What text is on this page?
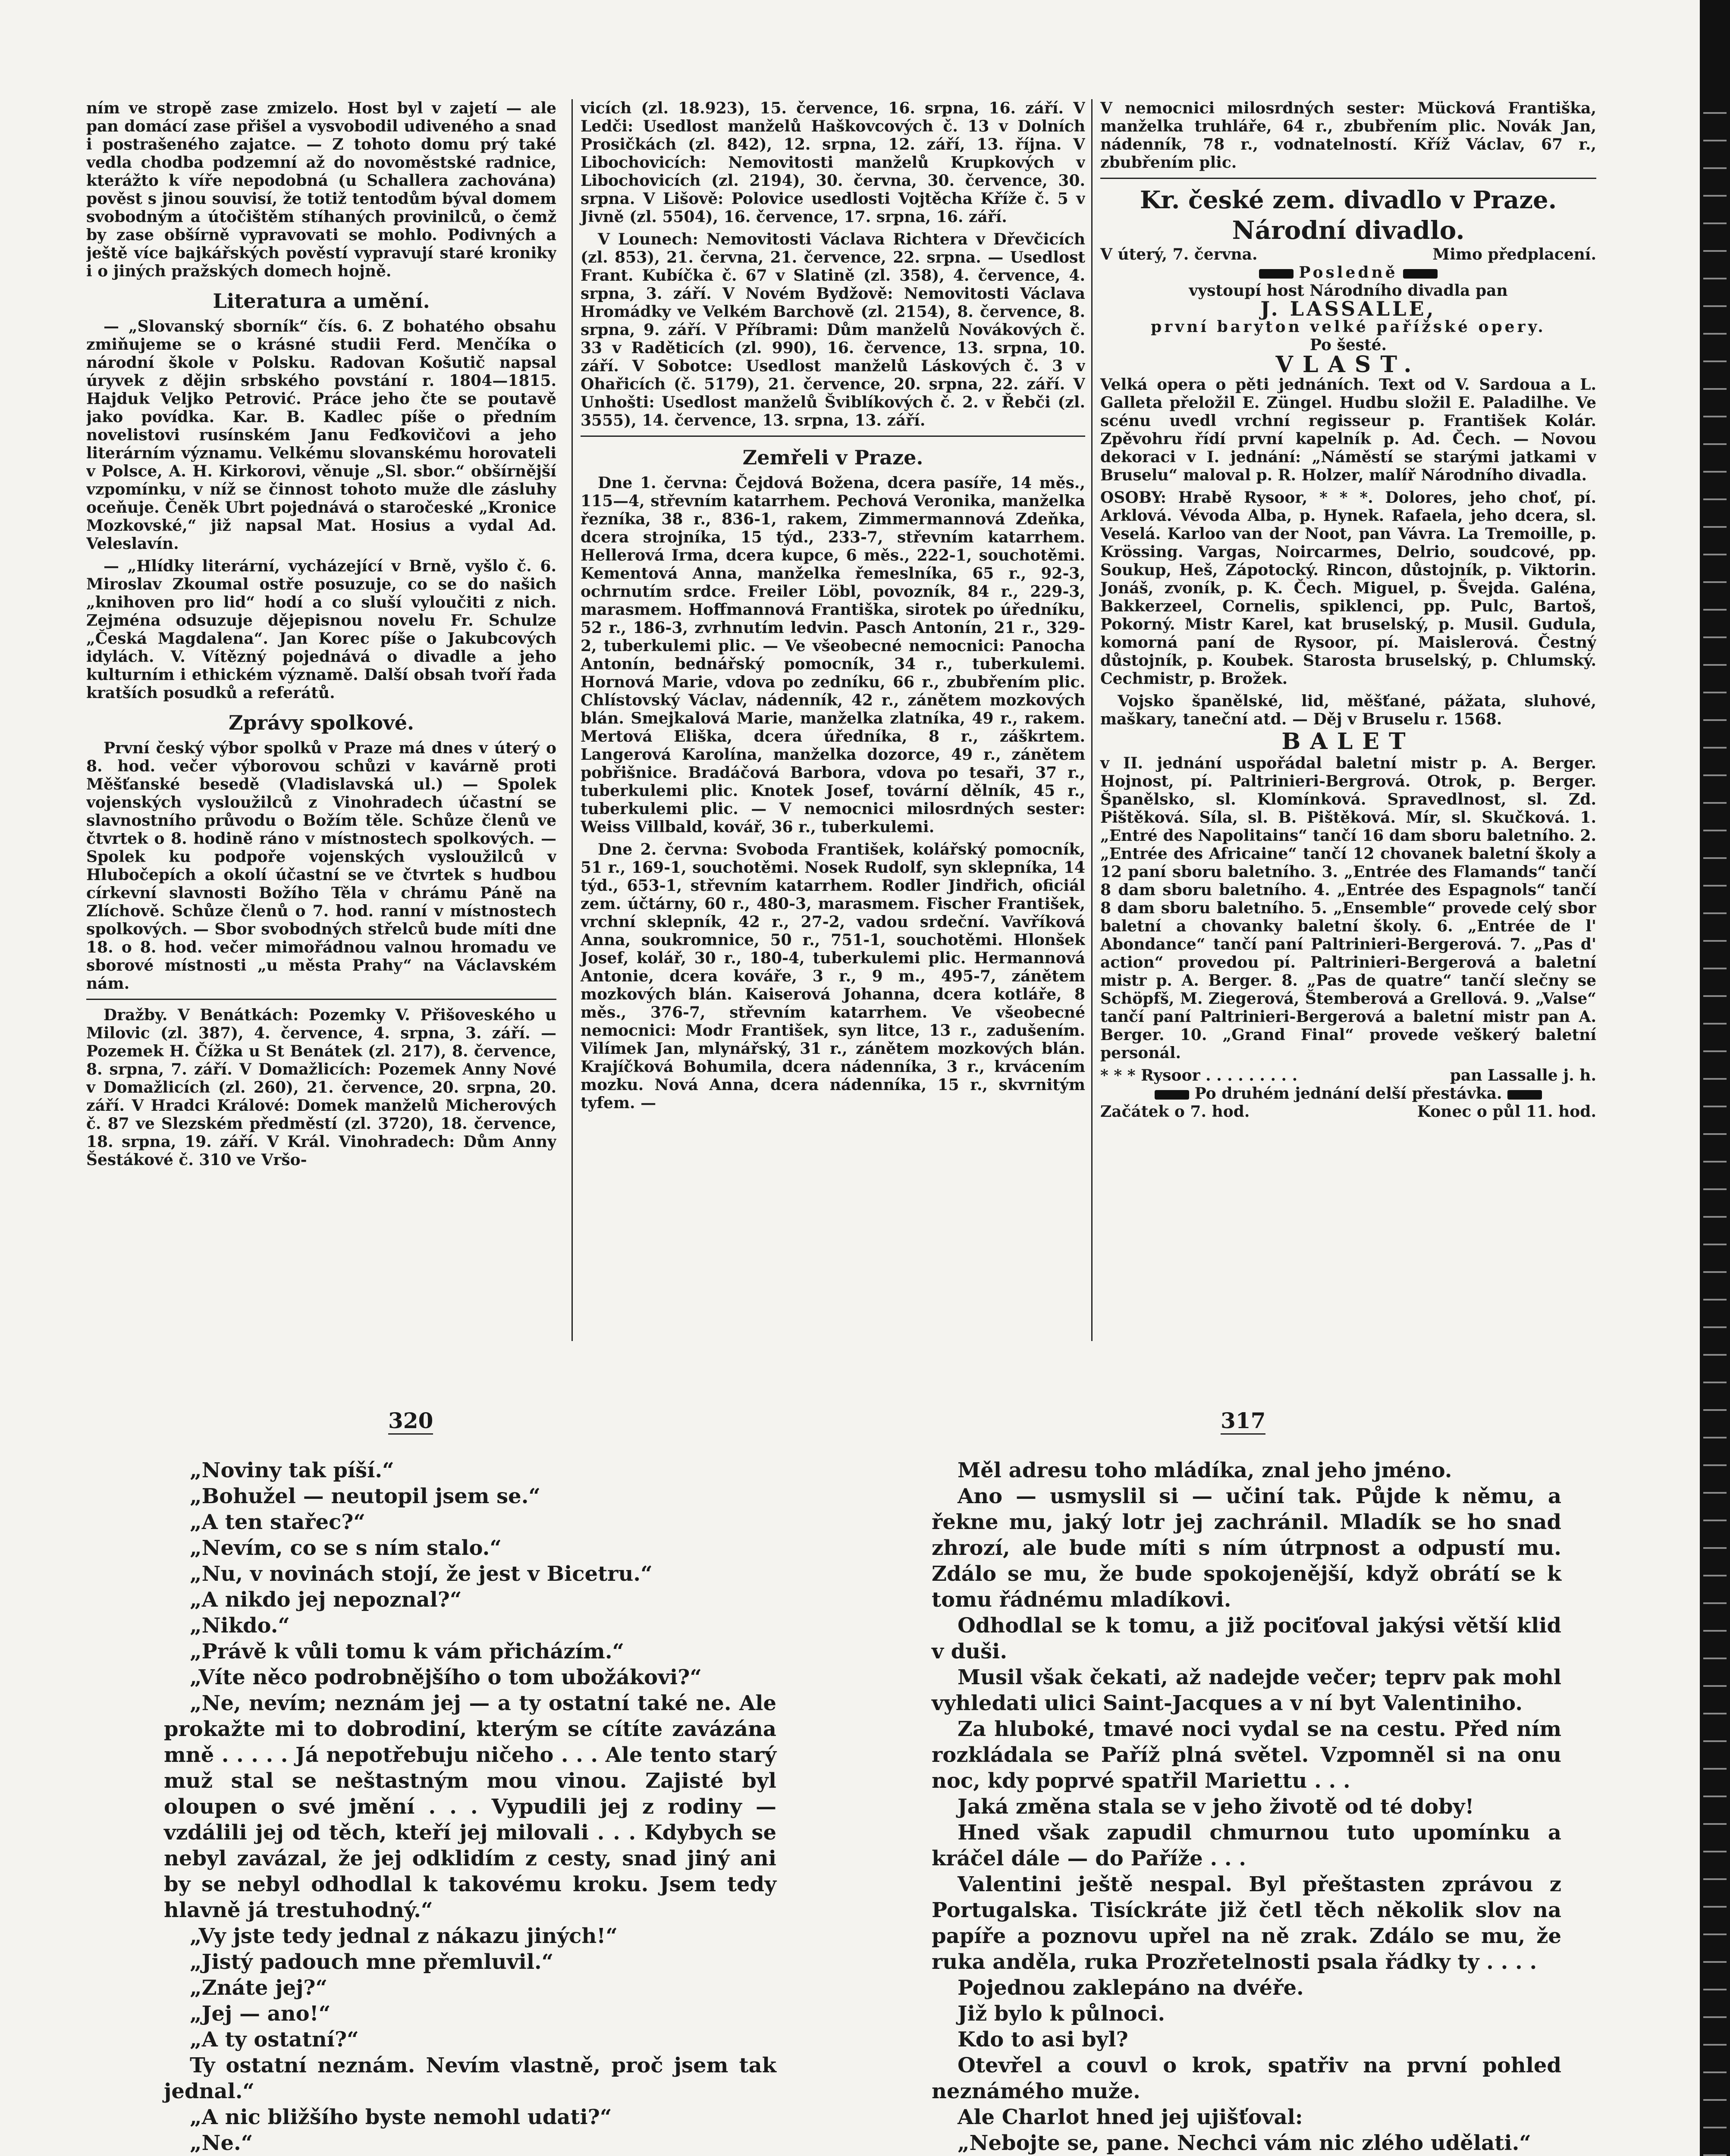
ním ve stropě zase zmizelo. Host byl v zajetí — ale pan domácí zase přišel a vysvobodil udiveného a snad i postrašeného zajatce. — Z tohoto domu prý také vedla chodba podzemní až do novoměstské radnice, kterážto k víře nepodobná (u Schallera zachována) pověst s jinou souvisí, že totiž tentodům býval domem svobodným a útočištěm stíhaných provinilců, o čemž by zase obšírně vypravovati se mohlo. Podivných a ještě více bajkářských pověstí vypravují staré kroniky i o jiných pražských domech hojně.

Literatura a umění.

— „Slovanský sborník“ čís. 6. Z bohatého obsahu zmiňujeme se o krásné studii Ferd. Menčíka o národní škole v Polsku. Radovan Košutič napsal úryvek z dějin srbského povstání r. 1804—1815. Hajduk Veljko Petrović. Práce jeho čte se poutavě jako povídka. Kar. B. Kadlec píše o předním novelistovi rusínském Janu Feďkovičovi a jeho literárním významu. Velkému slovanskému horovateli v Polsce, A. H. Kirkorovi, věnuje „Sl. sbor.“ obšírnější vzpomínku, v níž se činnost tohoto muže dle zásluhy oceňuje. Čeněk Ubrt pojednává o staročeské „Kronice Mozkovské,“ již napsal Mat. Hosius a vydal Ad. Veleslavín.

— „Hlídky literární, vycházející v Brně, vyšlo č. 6. Miroslav Zkoumal ostře posuzuje, co se do našich „knihoven pro lid“ hodí a co sluší vyloučiti z nich. Zejména odsuzuje dějepisnou novelu Fr. Schulze „Česká Magdalena“. Jan Korec píše o Jakubcových idylách. V. Vítězný pojednává o divadle a jeho kulturním i ethickém významě. Další obsah tvoří řada kratších posudků a referátů.

Zprávy spolkové.

První český výbor spolků v Praze má dnes v úterý o 8. hod. večer výborovou schůzi v kavárně proti Měšťanské besedě (Vladislavská ul.) — Spolek vojenských vysloužilců z Vinohradech účastní se slavnostního průvodu o Božím těle. Schůze členů ve čtvrtek o 8. hodině ráno v místnostech spolkových. — Spolek ku podpoře vojenských vysloužilců v Hlubočepích a okolí účastní se ve čtvrtek s hudbou církevní slavnosti Božího Těla v chrámu Páně na Zlíchově. Schůze členů o 7. hod. ranní v místnostech spolkových. — Sbor svobodných střelců bude míti dne 18. o 8. hod. večer mimořádnou valnou hromadu ve sborové místnosti „u města Prahy“ na Václavském nám.

Dražby. V Benátkách: Pozemky V. Přišoveského u Milovic (zl. 387), 4. července, 4. srpna, 3. září. — Pozemek H. Čížka u St Benátek (zl. 217), 8. července, 8. srpna, 7. září. V Domažlicích: Pozemek Anny Nové v Domažlicích (zl. 260), 21. července, 20. srpna, 20. září. V Hradci Králové: Domek manželů Micherových č. 87 ve Slezském předměstí (zl. 3720), 18. července, 18. srpna, 19. září. V Král. Vinohradech: Dům Anny Šestákové č. 310 ve Vršo-

vicích (zl. 18.923), 15. července, 16. srpna, 16. září. V Ledči: Usedlost manželů Haškovcových č. 13 v Dolních Prosičkách (zl. 842), 12. srpna, 12. září, 13. října. V Libochovicích: Nemovitosti manželů Krupkových v Libochovicích (zl. 2194), 30. června, 30. července, 30. srpna. V Lišově: Polovice usedlosti Vojtěcha Kříže č. 5 v Jivně (zl. 5504), 16. července, 17. srpna, 16. září.

V Lounech: Nemovitosti Václava Richtera v Dřevčicích (zl. 853), 21. června, 21. července, 22. srpna. — Usedlost Frant. Kubíčka č. 67 v Slatině (zl. 358), 4. července, 4. srpna, 3. září. V Novém Bydžově: Nemovitosti Václava Hromádky ve Velkém Barchově (zl. 2154), 8. července, 8. srpna, 9. září. V Příbrami: Dům manželů Novákových č. 33 v Raděticích (zl. 990), 16. července, 13. srpna, 10. září. V Sobotce: Usedlost manželů Láskových č. 3 v Ohařicích (č. 5179), 21. července, 20. srpna, 22. září. V Unhošti: Usedlost manželů Šviblíkových č. 2. v Řebči (zl. 3555), 14. července, 13. srpna, 13. září.

Zemřeli v Praze.

Dne 1. června: Čejdová Božena, dcera pasíře, 14 měs., 115—4, střevním katarrhem. Pechová Veronika, manželka řezníka, 38 r., 836-1, rakem, Zimmermannová Zdeňka, dcera strojníka, 15 týd., 233-7, střevním katarrhem. Hellerová Irma, dcera kupce, 6 měs., 222-1, souchotěmi. Kementová Anna, manželka řemeslníka, 65 r., 92-3, ochrnutím srdce. Freiler Löbl, povozník, 84 r., 229-3, marasmem. Hoffmannová Františka, sirotek po úředníku, 52 r., 186-3, zvrhnutím ledvin. Pasch Antonín, 21 r., 329-2, tuberkulemi plic. — Ve všeobecné nemocnici: Panocha Antonín, bednářský pomocník, 34 r., tuberkulemi. Hornová Marie, vdova po zedníku, 66 r., zbubřením plic. Chlístovský Václav, nádenník, 42 r., zánětem mozkových blán. Smejkalová Marie, manželka zlatníka, 49 r., rakem. Mertová Eliška, dcera úředníka, 8 r., záškrtem. Langerová Karolína, manželka dozorce, 49 r., zánětem pobřišnice. Bradáčová Barbora, vdova po tesaři, 37 r., tuberkulemi plic. Knotek Josef, tovární dělník, 45 r., tuberkulemi plic. — V nemocnici milosrdných sester: Weiss Villbald, kovář, 36 r., tuberkulemi.

Dne 2. června: Svoboda František, kolářský pomocník, 51 r., 169-1, souchotěmi. Nosek Rudolf, syn sklepníka, 14 týd., 653-1, střevním katarrhem. Rodler Jindřich, oficiál zem. účtárny, 60 r., 480-3, marasmem. Fischer František, vrchní sklepník, 42 r., 27-2, vadou srdeční. Vavříková Anna, soukromnice, 50 r., 751-1, souchotěmi. Hlonšek Josef, kolář, 30 r., 180-4, tuberkulemi plic. Hermannová Antonie, dcera kováře, 3 r., 9 m., 495-7, zánětem mozkových blán. Kaiserová Johanna, dcera kotláře, 8 měs., 376-7, střevním katarrhem. Ve všeobecné nemocnici: Modr František, syn litce, 13 r., zadušením. Vilímek Jan, mlynářský, 31 r., zánětem mozkových blán. Krajíčková Bohumila, dcera nádenníka, 3 r., krvácením mozku. Nová Anna, dcera nádenníka, 15 r., skvrnitým tyfem. —

V nemocnici milosrdných sester: Mücková Františka, manželka truhláře, 64 r., zbubřením plic. Novák Jan, nádenník, 78 r., vodnatelností. Kříž Václav, 67 r., zbubřením plic.

Kr. české zem. divadlo v Praze.
Národní divadlo.
V úterý, 7. června.	Mimo předplacení.
Posledně
vystoupí host Národního divadla pan
J. LASSALLE,
první baryton velké pařížské opery.
Po šesté.
VLAST.

Velká opera o pěti jednáních. Text od V. Sardoua a L. Galleta přeložil E. Züngel. Hudbu složil E. Paladilhe. Ve scénu uvedl vrchní regisseur p. František Kolár. Zpěvohru řídí první kapelník p. Ad. Čech. — Novou dekoraci v I. jednání: „Náměstí se starými jatkami v Bruselu“ maloval p. R. Holzer, malíř Národního divadla.

OSOBY: Hrabě Rysoor, * * *. Dolores, jeho choť, pí. Arklová. Vévoda Alba, p. Hynek. Rafaela, jeho dcera, sl. Veselá. Karloo van der Noot, pan Vávra. La Tremoille, p. Krössing. Vargas, Noircarmes, Delrio, soudcové, pp. Soukup, Heš, Zápotocký. Rincon, důstojník, p. Viktorin. Jonáš, zvoník, p. K. Čech. Miguel, p. Švejda. Galéna, Bakkerzeel, Cornelis, spiklenci, pp. Pulc, Bartoš, Pokorný. Mistr Karel, kat bruselský, p. Musil. Gudula, komorná paní de Rysoor, pí. Maislerová. Čestný důstojník, p. Koubek. Starosta bruselský, p. Chlumský. Cechmistr, p. Brožek.

Vojsko španělské, lid, měšťané, pážata, sluhové, maškary, taneční atd. — Děj v Bruselu r. 1568.

BALET

v II. jednání uspořádal baletní mistr p. A. Berger. Hojnost, pí. Paltrinieri-Bergrová. Otrok, p. Berger. Španělsko, sl. Klomínková. Spravedlnost, sl. Zd. Pištěková. Síla, sl. B. Pištěková. Mír, sl. Skučková. 1. „Entré des Napolitains“ tančí 16 dam sboru baletního. 2. „Entrée des Africaine“ tančí 12 chovanek baletní školy a 12 paní sboru baletního. 3. „Entrée des Flamands“ tančí 8 dam sboru baletního. 4. „Entrée des Espagnols“ tančí 8 dam sboru baletního. 5. „Ensemble“ provede celý sbor baletní a chovanky baletní školy. 6. „Entrée de l' Abondance“ tančí paní Paltrinieri-Bergerová. 7. „Pas d' action“ provedou pí. Paltrinieri-Bergerová a baletní mistr p. A. Berger. 8. „Pas de quatre“ tančí slečny se Schöpfš, M. Ziegerová, Štemberová a Grellová. 9. „Valse“ tančí paní Paltrinieri-Bergerová a baletní mistr pan A. Berger. 10. „Grand Final“ provede veškerý baletní personál.

* * * Rysoor . . . . . . . . .	pan Lassalle j. h.
Po druhém jednání delší přestávka.
Začátek o 7. hod.	Konec o půl 11. hod.
320	317

„Noviny tak píší.“

„Bohužel — neutopil jsem se.“

„A ten stařec?“

„Nevím, co se s ním stalo.“

„Nu, v novinách stojí, že jest v Bicetru.“

„A nikdo jej nepoznal?“

„Nikdo.“

„Právě k vůli tomu k vám přicházím.“

„Víte něco podrobnějšího o tom ubožákovi?“

„Ne, nevím; neznám jej — a ty ostatní také ne. Ale prokažte mi to dobrodiní, kterým se cítíte zavázána mně . . . . . Já nepotřebuju ničeho . . . Ale tento starý muž stal se neštastným mou vinou. Zajisté byl oloupen o své jmění . . . Vypudili jej z rodiny — vzdálili jej od těch, kteří jej milovali . . . Kdybych se nebyl zavázal, že jej odklidím z cesty, snad jiný ani by se nebyl odhodlal k takovému kroku. Jsem tedy hlavně já trestuhodný.“

„Vy jste tedy jednal z nákazu jiných!“

„Jistý padouch mne přemluvil.“

„Znáte jej?“

„Jej — ano!“

„A ty ostatní?“

Ty ostatní neznám. Nevím vlastně, proč jsem tak jednal.“

„A nic bližšího byste nemohl udati?“

„Ne.“

Měl adresu toho mládíka, znal jeho jméno.

Ano — usmyslil si — učiní tak. Půjde k němu, a řekne mu, jaký lotr jej zachránil. Mladík se ho snad zhrozí, ale bude míti s ním útrpnost a odpustí mu. Zdálo se mu, že bude spokojenější, když obrátí se k tomu řádnému mladíkovi.

Odhodlal se k tomu, a již pociťoval jakýsi větší klid v duši.

Musil však čekati, až nadejde večer; teprv pak mohl vyhledati ulici Saint-Jacques a v ní byt Valentiniho.

Za hluboké, tmavé noci vydal se na cestu. Před ním rozkládala se Paříž plná světel. Vzpomněl si na onu noc, kdy poprvé spatřil Mariettu . . .

Jaká změna stala se v jeho životě od té doby!

Hned však zapudil chmurnou tuto upomínku a kráčel dále — do Paříže . . .

Valentini ještě nespal. Byl přeštasten zprávou z Portugalska. Tisíckráte již četl těch několik slov na papíře a poznovu upřel na ně zrak. Zdálo se mu, že ruka anděla, ruka Prozřetelnosti psala řádky ty . . . .

Pojednou zaklepáno na dvéře.

Již bylo k půlnoci.

Kdo to asi byl?

Otevřel a couvl o krok, spatřiv na první pohled neznámého muže.

Ale Charlot hned jej ujišťoval:

„Nebojte se, pane. Nechci vám nic zlého udělati.“
